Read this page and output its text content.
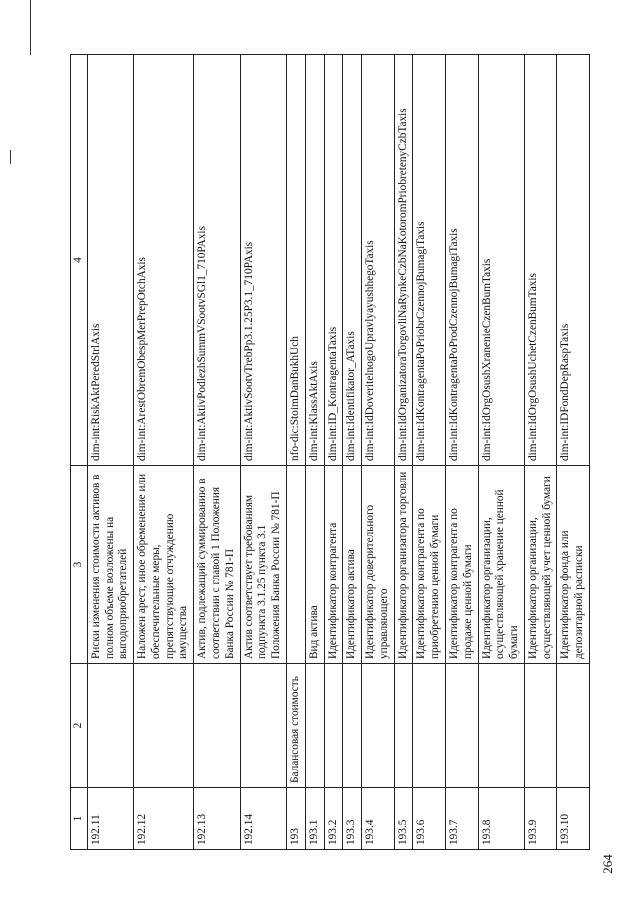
1	2	3	4
192.11		Риски изменения стоимости активов в полном объеме возложены на выгодоприобретателей	dim-int:RiskAktPeredStrlAxis
192.12		Наложен арест, иное обременение или обеспечительные меры, препятствующие отчуждению имущества	dim-int:ArestObremObespMerPrepOtchAxis
192.13		Актив, подлежащий суммированию в соответствии с главой 1 Положения Банка России № 781-П	dim-int:AktivPodlezhSummVSootvSGl1_710PAxis
192.14		Актив соответствует требованиям подпункта 3.1.25 пункта 3.1 Положения Банка России № 781-П	dim-int:AktivSootvTrebPp3.1.25P3.1_710PAxis
193	Балансовая стоимость		nfo-dic:StoimDanBukhUch
193.1		Вид актива	dim-int:KlassAktAxis
193.2		Идентификатор контрагента	dim-int:ID_KontragentaTaxis
193.3		Идентификатор актива	dim-int:Identifikator_ATaxis
193.4		Идентификатор доверительного управляющего	dim-int:IdDoveritelnogoUpravlyayushhegoTaxis
193.5		Идентификатор организатора торговли	dim-int:IdOrganizatoraTorgovliNaRynkeCzbNaKotoromPriobretenyCzbTaxis
193.6		Идентификатор контрагента по приобретению ценной бумаги	dim-int:IdKontragentaPoPriobrCzennojBumagiTaxis
193.7		Идентификатор контрагента по продаже ценной бумаги	dim-int:IdKontragentaPoProdCzennojBumagiTaxis
193.8		Идентификатор организации, осуществляющей хранение ценной бумаги	dim-int:IdOrgOsushXranenieCzenBumTaxis
193.9		Идентификатор организации, осуществляющей учет ценной бумаги	dim-int:IdOrgOsushUchetCzenBumTaxis
193.10		Идентификатор фонда или депозитарной расписки	dim-int:IDFondDepRaspTaxis
264
